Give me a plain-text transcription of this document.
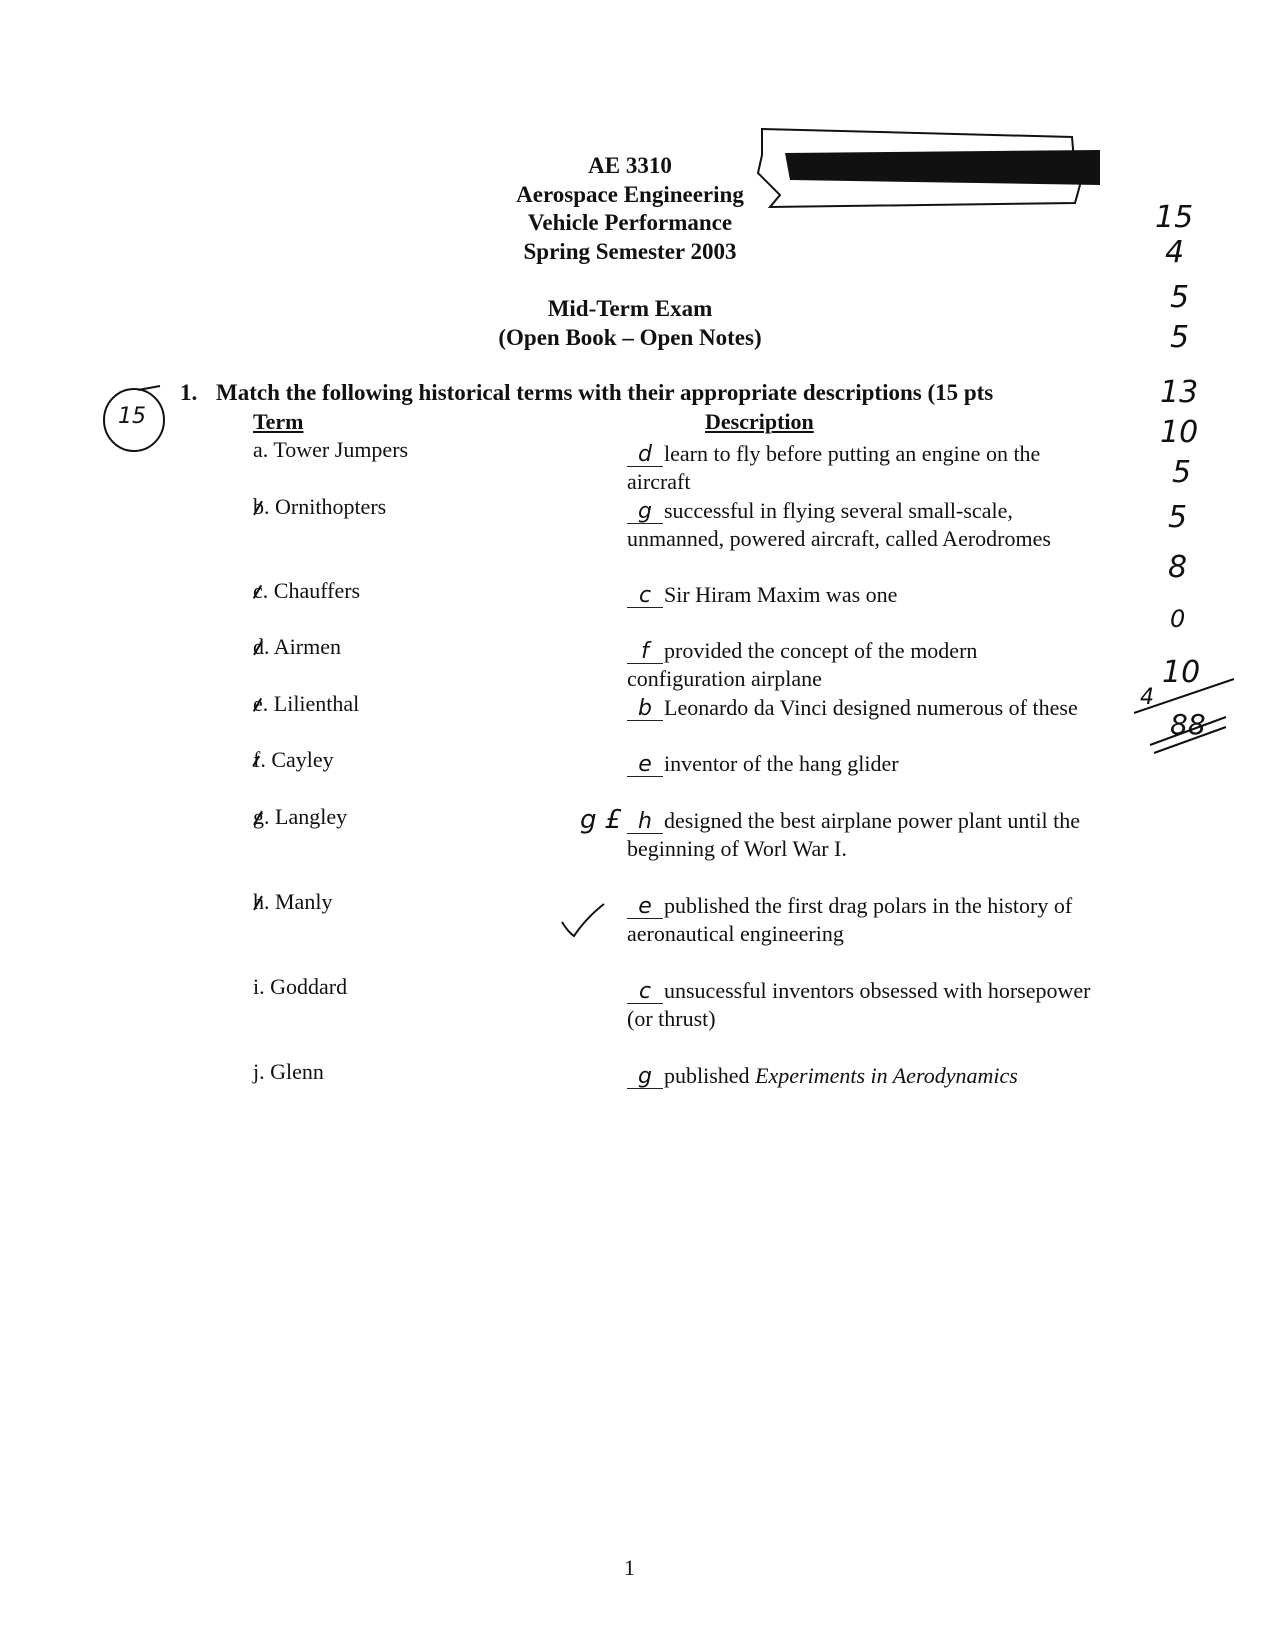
AE 3310
Aerospace Engineering
Vehicle Performance
Spring Semester 2003
Mid-Term Exam
(Open Book – Open Notes)
15
1. Match the following historical terms with their appropriate descriptions (15 pts
Term	Description
a. Tower Jumpers
b. Ornithopters
c. Chauffers
d. Airmen
e. Lilienthal
f. Cayley
g. Langley
h. Manly
i. Goddard
j. Glenn
d learn to fly before putting an engine on the aircraft
g successful in flying several small-scale, unmanned, powered aircraft, called Aerodromes
c Sir Hiram Maxim was one
f provided the concept of the modern configuration airplane
b Leonardo da Vinci designed numerous of these
e inventor of the hang glider
h designed the best airplane power plant until the beginning of Worl War I.
e published the first drag polars in the history of aeronautical engineering
c unsucessful inventors obsessed with horsepower (or thrust)
g published Experiments in Aerodynamics
g £
15
4
5
5
13
10
5
5
8
0
4
10
88
1
